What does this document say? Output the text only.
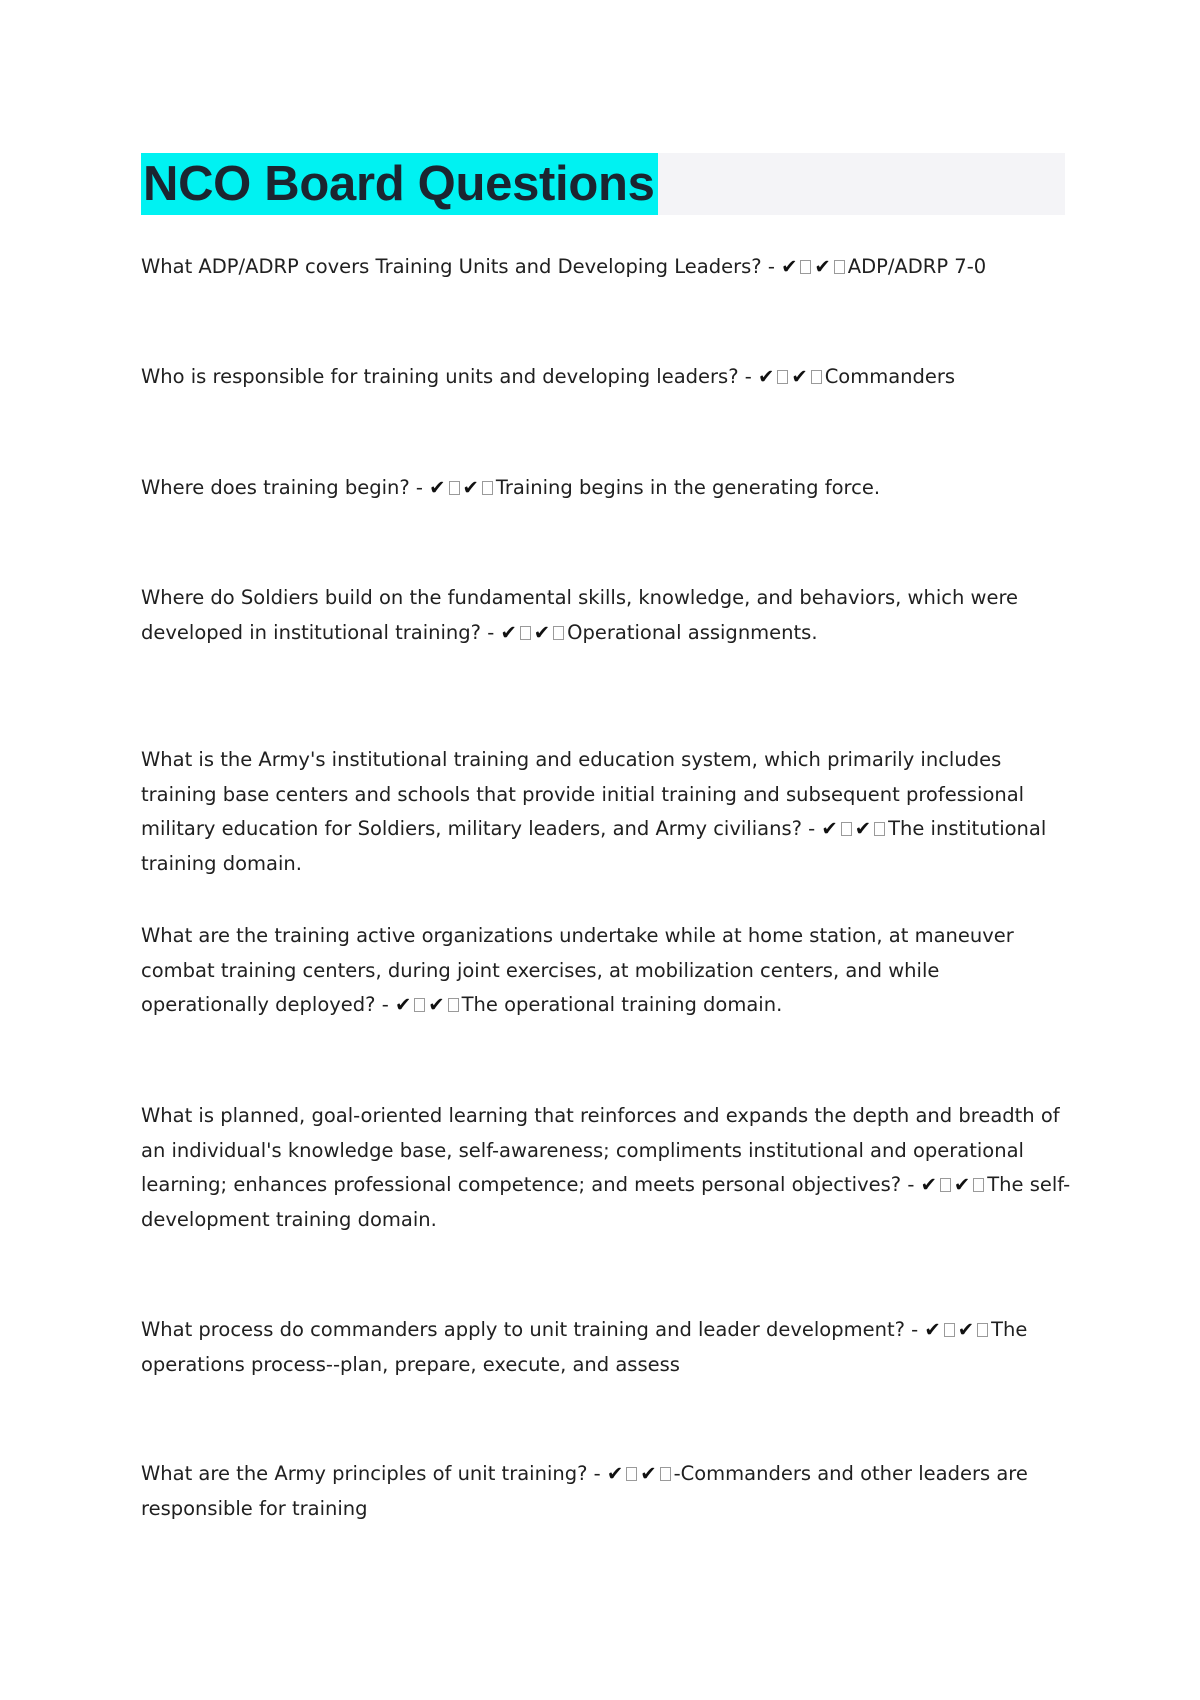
NCO Board Questions

What ADP/ADRP covers Training Units and Developing Leaders? - ✔ ✔ ADP/ADRP 7-0

Who is responsible for training units and developing leaders? - ✔ ✔ Commanders

Where does training begin? - ✔ ✔ Training begins in the generating force.

Where do Soldiers build on the fundamental skills, knowledge, and behaviors, which were developed in institutional training? - ✔ ✔ Operational assignments.

What is the Army's institutional training and education system, which primarily includes training base centers and schools that provide initial training and subsequent professional military education for Soldiers, military leaders, and Army civilians? - ✔ ✔ The institutional training domain.

What are the training active organizations undertake while at home station, at maneuver combat training centers, during joint exercises, at mobilization centers, and while operationally deployed? - ✔ ✔ The operational training domain.

What is planned, goal-oriented learning that reinforces and expands the depth and breadth of an individual's knowledge base, self-awareness; compliments institutional and operational learning; enhances professional competence; and meets personal objectives? - ✔ ✔ The self-development training domain.

What process do commanders apply to unit training and leader development? - ✔ ✔ The operations process--plan, prepare, execute, and assess

What are the Army principles of unit training? - ✔ ✔ -Commanders and other leaders are responsible for training
